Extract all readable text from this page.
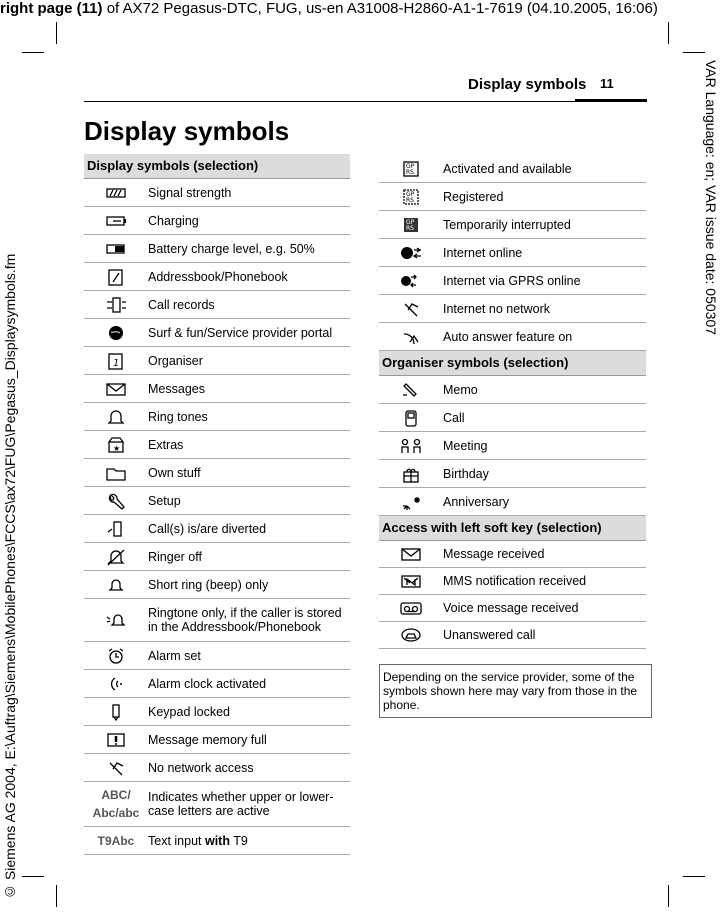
right page (11) of AX72 Pegasus-DTC, FUG, us-en A31008-H2860-A1-1-7619 (04.10.2005, 16:06)
VAR Language: en; VAR issue date: 050307
© Siemens AG 2004, E:\Auftrag\Siemens\MobilePhones\FCCS\ax72\FUG\Pegasus_Displaysymbols.fm
Display symbols 11
Display symbols
Display symbols (selection)
Signal strength
Charging
Battery charge level, e.g. 50%
Addressbook/Phonebook
Call records
Surf & fun/Service provider portal
1 Organiser
Messages
Ring tones
★ Extras
Own stuff
Setup
Call(s) is/are diverted
Ringer off
Short ring (beep) only
Ringtone only, if the caller is stored in the Addressbook/Phonebook
Alarm set
Alarm clock activated
Keypad locked
Message memory full
No network access
ABC/
Abc/abc
Indicates whether upper or lower-case letters are active
T9Abc Text input with T9
GP
RS Activated and available
GP
RS Registered
GP
RS Temporarily interrupted
Internet online
Internet via GPRS online
Internet no network
Auto answer feature on
Organiser symbols (selection)
Memo
Call
Meeting
Birthday
Anniversary
Access with left soft key (selection)
Message received
MMS notification received
Voice message received
Unanswered call
Depending on the service provider, some of the symbols shown here may vary from those in the phone.
